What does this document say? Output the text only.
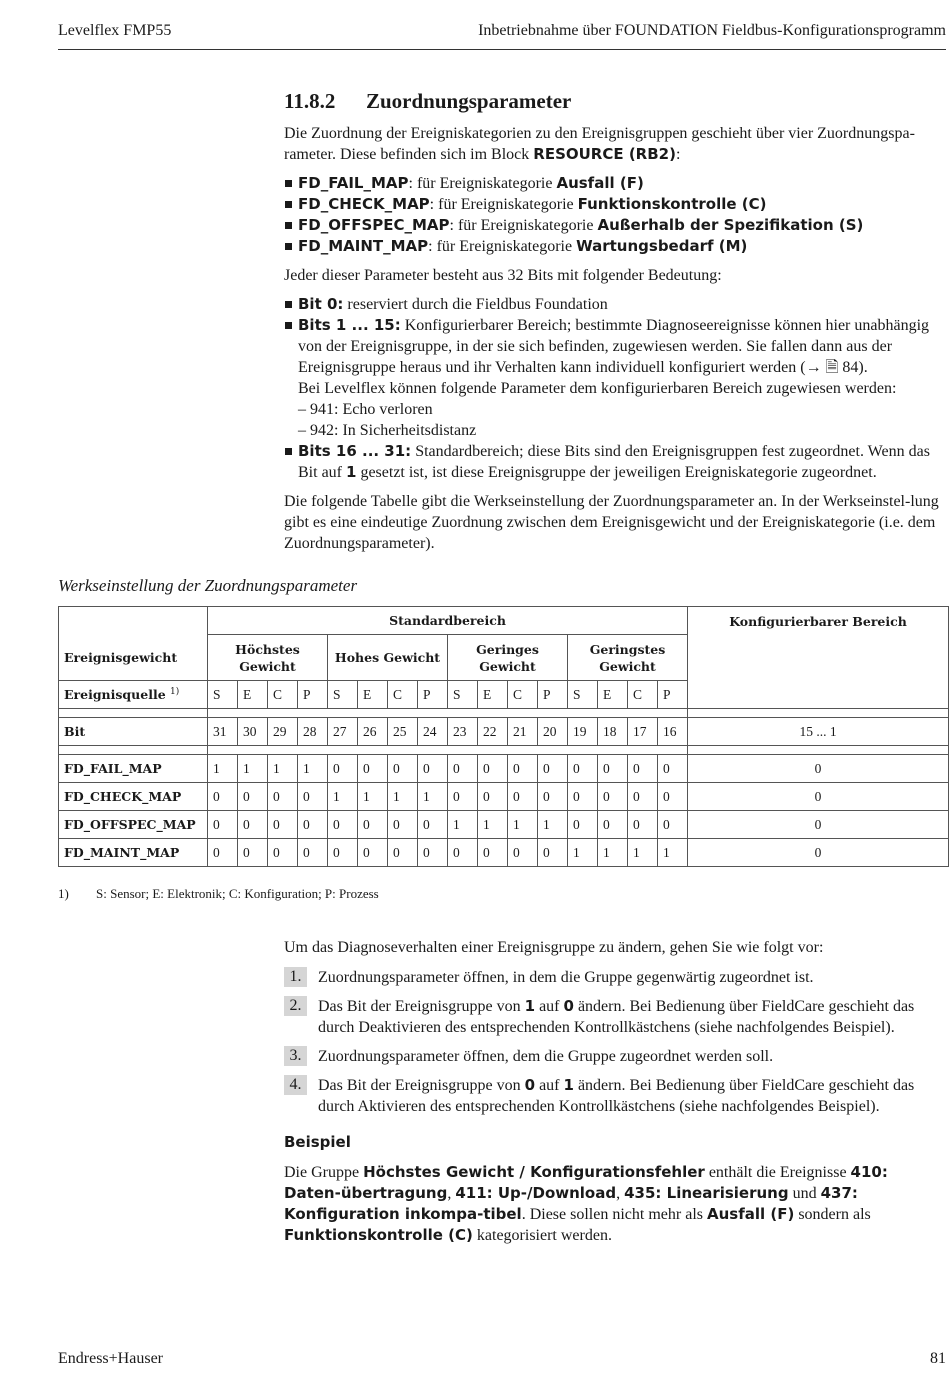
Levelflex FMP55	Inbetriebnahme über FOUNDATION Fieldbus-Konfigurationsprogramm
11.8.2 Zuordnungsparameter

Die Zuordnung der Ereigniskategorien zu den Ereignisgruppen geschieht über vier Zuordnungspa-rameter. Diese befinden sich im Block RESOURCE (RB2):

FD_FAIL_MAP: für Ereigniskategorie Ausfall (F)
FD_CHECK_MAP: für Ereigniskategorie Funktionskontrolle (C)
FD_OFFSPEC_MAP: für Ereigniskategorie Außerhalb der Spezifikation (S)
FD_MAINT_MAP: für Ereigniskategorie Wartungsbedarf (M)

Jeder dieser Parameter besteht aus 32 Bits mit folgender Bedeutung:

Bit 0: reserviert durch die Fieldbus Foundation
Bits 1 ... 15: Konfigurierbarer Bereich; bestimmte Diagnoseereignisse können hier unabhängig von der Ereignisgruppe, in der sie sich befinden, zugewiesen werden. Sie fallen dann aus der Ereignisgruppe heraus und ihr Verhalten kann individuell konfiguriert werden (→ 🗎 84).
Bei Levelflex können folgende Parameter dem konfigurierbaren Bereich zugewiesen werden:
– 941: Echo verloren
– 942: In Sicherheitsdistanz
Bits 16 ... 31: Standardbereich; diese Bits sind den Ereignisgruppen fest zugeordnet. Wenn das Bit auf 1 gesetzt ist, ist diese Ereignisgruppe der jeweiligen Ereigniskategorie zugeordnet.

Die folgende Tabelle gibt die Werkseinstellung der Zuordnungsparameter an. In der Werkseinstel-lung gibt es eine eindeutige Zuordnung zwischen dem Ereignisgewicht und der Ereigniskategorie (i.e. dem Zuordnungsparameter).

Werkseinstellung der Zuordnungsparameter
	Standardbereich																Konfigurierbarer Bereich
Ereignisgewicht	Höchstes Gewicht				Hohes Gewicht				Geringes Gewicht				Geringstes Gewicht				
Ereignisquelle $^{1)}$	S	E	C	P	S	E	C	P	S	E	C	P	S	E	C	P	

Bit	31	30	29	28	27	26	25	24	23	22	21	20	19	18	17	16	15 ... 1

FD_FAIL_MAP	1	1	1	1	0	0	0	0	0	0	0	0	0	0	0	0	0
FD_CHECK_MAP	0	0	0	0	1	1	1	1	0	0	0	0	0	0	0	0	0
FD_OFFSPEC_MAP	0	0	0	0	0	0	0	0	1	1	1	1	0	0	0	0	0
FD_MAINT_MAP	0	0	0	0	0	0	0	0	0	0	0	0	1	1	1	1	0
1) S: Sensor; E: Elektronik; C: Konfiguration; P: Prozess

Um das Diagnoseverhalten einer Ereignisgruppe zu ändern, gehen Sie wie folgt vor:

1.	Zuordnungsparameter öffnen, in dem die Gruppe gegenwärtig zugeordnet ist.
2.	Das Bit der Ereignisgruppe von 1 auf 0 ändern. Bei Bedienung über FieldCare geschieht das durch Deaktivieren des entsprechenden Kontrollkästchens (siehe nachfolgendes Beispiel).
3.	Zuordnungsparameter öffnen, dem die Gruppe zugeordnet werden soll.
4.	Das Bit der Ereignisgruppe von 0 auf 1 ändern. Bei Bedienung über FieldCare geschieht das durch Aktivieren des entsprechenden Kontrollkästchens (siehe nachfolgendes Beispiel).

Beispiel

Die Gruppe Höchstes Gewicht / Konfigurationsfehler enthält die Ereignisse 410: Daten-übertragung, 411: Up-/Download, 435: Linearisierung und 437: Konfiguration inkompa-tibel. Diese sollen nicht mehr als Ausfall (F) sondern als Funktionskontrolle (C) kategorisiert werden.

Endress+Hauser	81
